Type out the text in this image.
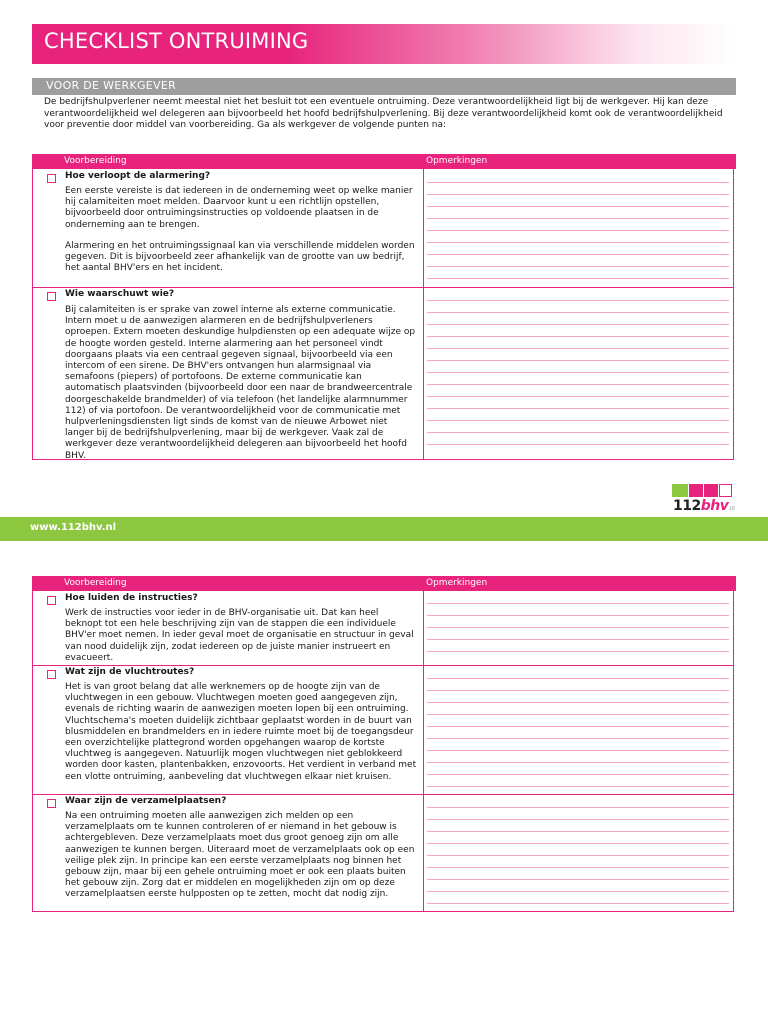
CHECKLIST ONTRUIMING
VOOR DE WERKGEVER

De bedrijfshulpverlener neemt meestal niet het besluit tot een eventuele ontruiming. Deze verantwoordelijkheid ligt bij de werkgever. Hij kan deze verantwoordelijkheid wel delegeren aan bijvoorbeeld het hoofd bedrijfshulpverlening. Bij deze verantwoordelijkheid komt ook de verantwoordelijkheid voor preventie door middel van voorbereiding. Ga als werkgever de volgende punten na:

Voorbereiding	Opmerkingen
Hoe verloopt de alarmering?

Een eerste vereiste is dat iedereen in de onderneming weet op welke manier hij calamiteiten moet melden. Daarvoor kunt u een richtlijn opstellen, bijvoorbeeld door ontruimingsinstructies op voldoende plaatsen in de onderneming aan te brengen.

Alarmering en het ontruimingssignaal kan via verschillende middelen worden gegeven. Dit is bijvoorbeeld zeer afhankelijk van de grootte van uw bedrijf, het aantal BHV'ers en het incident.

Wie waarschuwt wie?

Bij calamiteiten is er sprake van zowel interne als externe communicatie. Intern moet u de aanwezigen alarmeren en de bedrijfshulpverleners oproepen. Extern moeten deskundige hulpdiensten op een adequate wijze op de hoogte worden gesteld. Interne alarmering aan het personeel vindt doorgaans plaats via een centraal gegeven signaal, bijvoorbeeld via een intercom of een sirene. De BHV'ers ontvangen hun alarmsignaal via semafoons (piepers) of portofoons. De externe communicatie kan automatisch plaatsvinden (bijvoorbeeld door een naar de brandweercentrale doorgeschakelde brandmelder) of via telefoon (het landelijke alarmnummer 112) of via portofoon. De verantwoordelijkheid voor de communicatie met hulpverleningsdiensten ligt sinds de komst van de nieuwe Arbowet niet langer bij de bedrijfshulpverlening, maar bij de werkgever. Vaak zal de werkgever deze verantwoordelijkheid delegeren aan bijvoorbeeld het hoofd BHV.

112bhv.nl
www.112bhv.nl
Voorbereiding	Opmerkingen
Hoe luiden de instructies?

Werk de instructies voor ieder in de BHV-organisatie uit. Dat kan heel beknopt tot een hele beschrijving zijn van de stappen die een individuele BHV'er moet nemen. In ieder geval moet de organisatie en structuur in geval van nood duidelijk zijn, zodat iedereen op de juiste manier instrueert en evacueert.

Wat zijn de vluchtroutes?

Het is van groot belang dat alle werknemers op de hoogte zijn van de vluchtwegen in een gebouw. Vluchtwegen moeten goed aangegeven zijn, evenals de richting waarin de aanwezigen moeten lopen bij een ontruiming. Vluchtschema's moeten duidelijk zichtbaar geplaatst worden in de buurt van blusmiddelen en brandmelders en in iedere ruimte moet bij de toegangsdeur een overzichtelijke plattegrond worden opgehangen waarop de kortste vluchtweg is aangegeven. Natuurlijk mogen vluchtwegen niet geblokkeerd worden door kasten, plantenbakken, enzovoorts. Het verdient in verband met een vlotte ontruiming, aanbeveling dat vluchtwegen elkaar niet kruisen.

Waar zijn de verzamelplaatsen?

Na een ontruiming moeten alle aanwezigen zich melden op een verzamelplaats om te kunnen controleren of er niemand in het gebouw is achtergebleven. Deze verzamelplaats moet dus groot genoeg zijn om alle aanwezigen te kunnen bergen. Uiteraard moet de verzamelplaats ook op een veilige plek zijn. In principe kan een eerste verzamelplaats nog binnen het gebouw zijn, maar bij een gehele ontruiming moet er ook een plaats buiten het gebouw zijn. Zorg dat er middelen en mogelijkheden zijn om op deze verzamelplaatsen eerste hulpposten op te zetten, mocht dat nodig zijn.
